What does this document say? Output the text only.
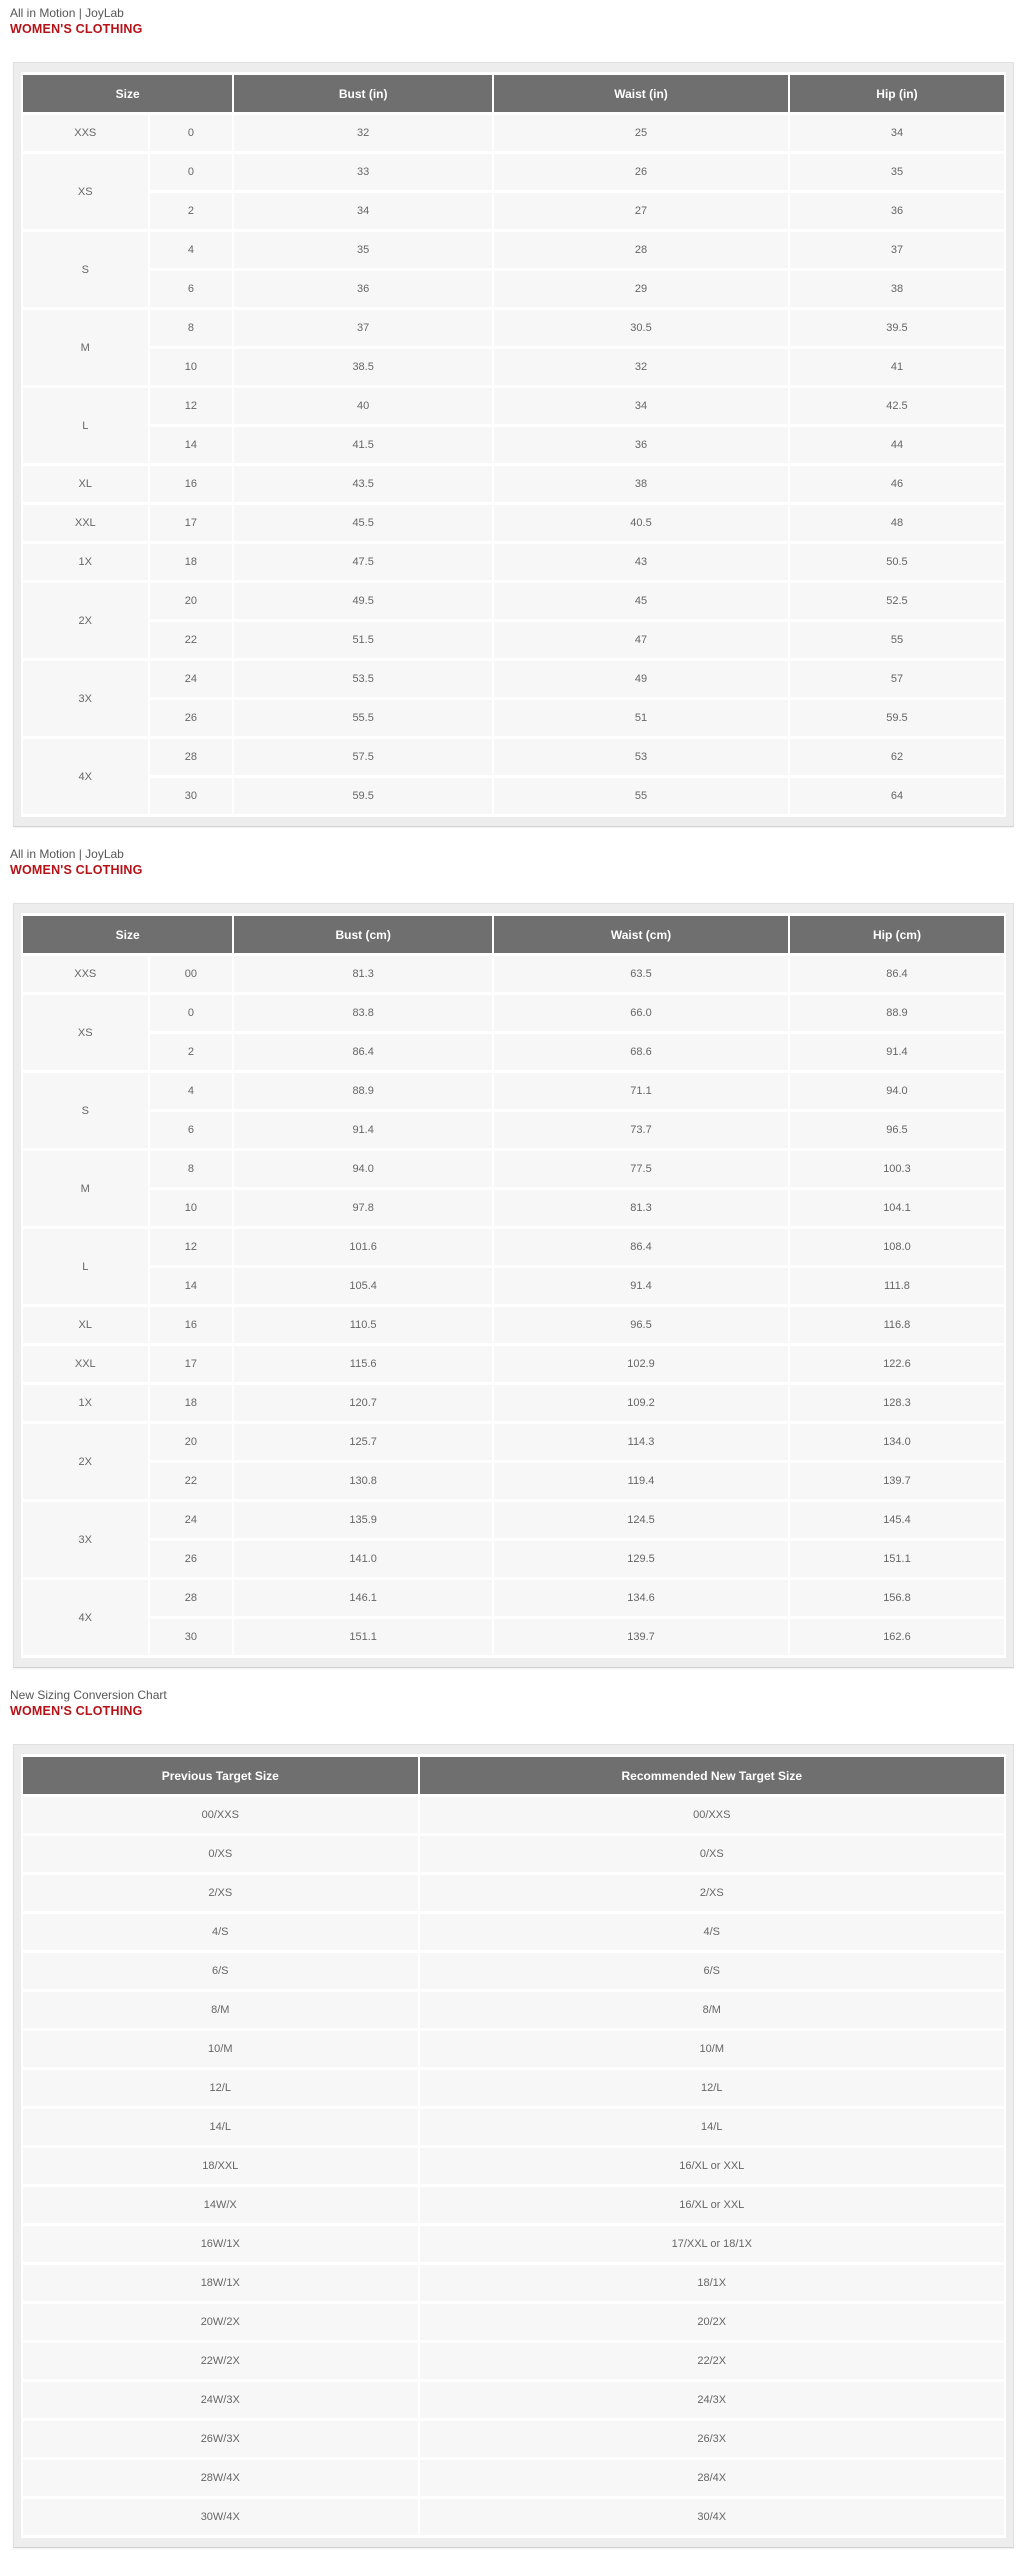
All in Motion | JoyLab
WOMEN'S CLOTHING
Size		Bust (in)	Waist (in)	Hip (in)
XXS	0	32	25	34
XS	0	33	26	35
	2	34	27	36
S	4	35	28	37
	6	36	29	38
M	8	37	30.5	39.5
	10	38.5	32	41
L	12	40	34	42.5
	14	41.5	36	44
XL	16	43.5	38	46
XXL	17	45.5	40.5	48
1X	18	47.5	43	50.5
2X	20	49.5	45	52.5
	22	51.5	47	55
3X	24	53.5	49	57
	26	55.5	51	59.5
4X	28	57.5	53	62
	30	59.5	55	64
All in Motion | JoyLab
WOMEN'S CLOTHING
Size		Bust (cm)	Waist (cm)	Hip (cm)
XXS	00	81.3	63.5	86.4
XS	0	83.8	66.0	88.9
	2	86.4	68.6	91.4
S	4	88.9	71.1	94.0
	6	91.4	73.7	96.5
M	8	94.0	77.5	100.3
	10	97.8	81.3	104.1
L	12	101.6	86.4	108.0
	14	105.4	91.4	111.8
XL	16	110.5	96.5	116.8
XXL	17	115.6	102.9	122.6
1X	18	120.7	109.2	128.3
2X	20	125.7	114.3	134.0
	22	130.8	119.4	139.7
3X	24	135.9	124.5	145.4
	26	141.0	129.5	151.1
4X	28	146.1	134.6	156.8
	30	151.1	139.7	162.6
New Sizing Conversion Chart
WOMEN'S CLOTHING
Previous Target Size	Recommended New Target Size
00/XXS	00/XXS
0/XS	0/XS
2/XS	2/XS
4/S	4/S
6/S	6/S
8/M	8/M
10/M	10/M
12/L	12/L
14/L	14/L
18/XXL	16/XL or XXL
14W/X	16/XL or XXL
16W/1X	17/XXL or 18/1X
18W/1X	18/1X
20W/2X	20/2X
22W/2X	22/2X
24W/3X	24/3X
26W/3X	26/3X
28W/4X	28/4X
30W/4X	30/4X
